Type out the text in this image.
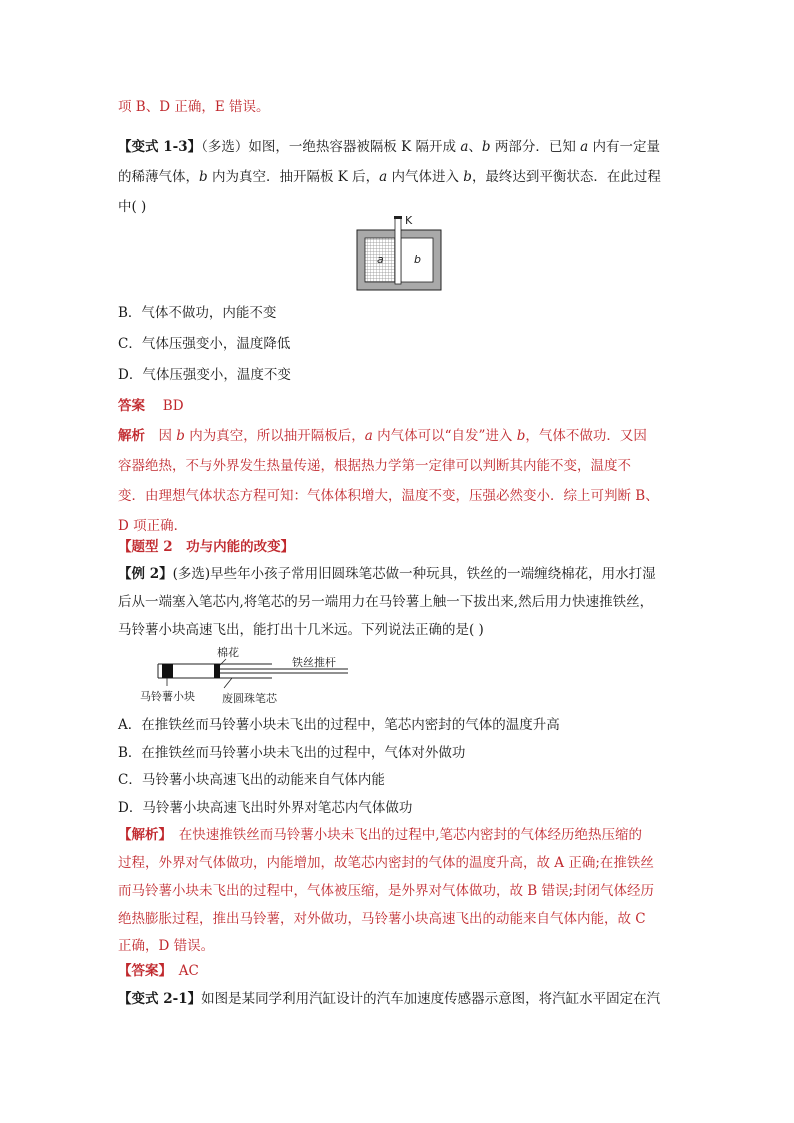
项 B、D 正确，E 错误。
【变式 1-3】（多选）如图，一绝热容器被隔板 K 隔开成 a、b 两部分．已知 a 内有一定量
的稀薄气体，b 内为真空．抽开隔板 K 后，a 内气体进入 b，最终达到平衡状态．在此过程
中( )
K
a	b
B．气体不做功，内能不变
C．气体压强变小，温度降低
D．气体压强变小，温度不变
答案　 BD
解析　 因 b 内为真空，所以抽开隔板后，a 内气体可以“自发”进入 b，气体不做功．又因
容器绝热，不与外界发生热量传递，根据热力学第一定律可以判断其内能不变，温度不
变．由理想气体状态方程可知：气体体积增大，温度不变，压强必然变小．综上可判断 B、
D 项正确．
【题型 2　功与内能的改变】
【例 2】(多选)早些年小孩子常用旧圆珠笔芯做一种玩具，铁丝的一端缠绕棉花，用水打湿
后从一端塞入笔芯内,将笔芯的另一端用力在马铃薯上触一下拔出来,然后用力快速推铁丝，
马铃薯小块高速飞出，能打出十几米远。下列说法正确的是( )
棉花
铁丝推杆
马铃薯小块 废圆珠笔芯
A．在推铁丝而马铃薯小块未飞出的过程中，笔芯内密封的气体的温度升高
B．在推铁丝而马铃薯小块未飞出的过程中，气体对外做功
C．马铃薯小块高速飞出的动能来自气体内能
D．马铃薯小块高速飞出时外界对笔芯内气体做功
【解析】　在快速推铁丝而马铃薯小块未飞出的过程中,笔芯内密封的气体经历绝热压缩的
过程，外界对气体做功，内能增加，故笔芯内密封的气体的温度升高，故 A 正确;在推铁丝
而马铃薯小块未飞出的过程中，气体被压缩，是外界对气体做功，故 B 错误;封闭气体经历
绝热膨胀过程，推出马铃薯，对外做功，马铃薯小块高速飞出的动能来自气体内能，故 C
正确，D 错误。
【答案】　 AC
【变式 2-1】如图是某同学利用汽缸设计的汽车加速度传感器示意图，将汽缸水平固定在汽
